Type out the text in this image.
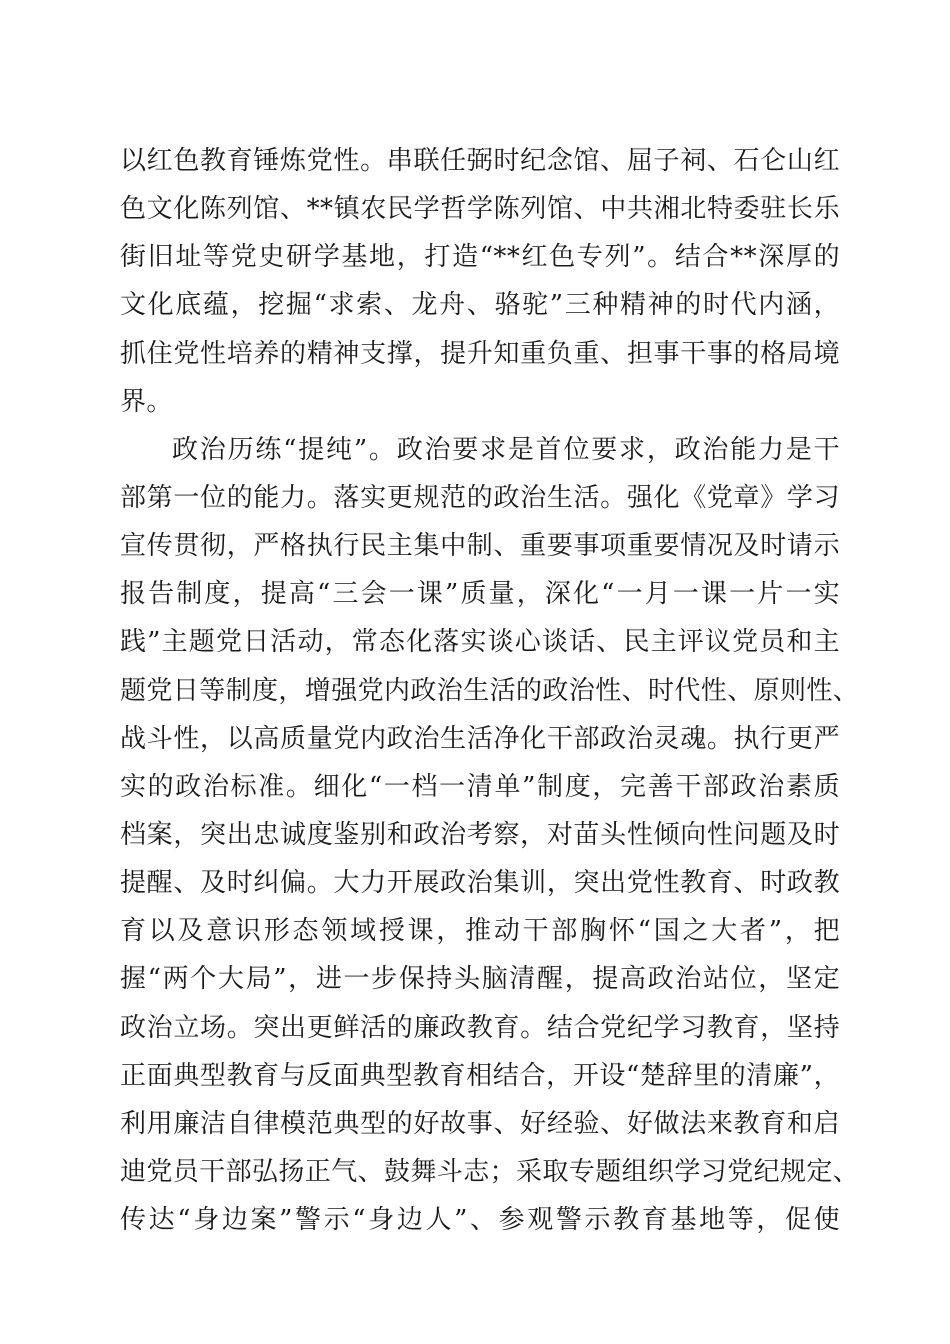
以红色教育锤炼党性。串联任弼时纪念馆、屈子祠、石仑山红
色文化陈列馆、**镇农民学哲学陈列馆、中共湘北特委驻长乐
街旧址等党史研学基地，打造“**红色专列”。结合**深厚的
文化底蕴，挖掘“求索、龙舟、骆驼”三种精神的时代内涵，
抓住党性培养的精神支撑，提升知重负重、担事干事的格局境
界。
政治历练“提纯”。政治要求是首位要求，政治能力是干
部第一位的能力。落实更规范的政治生活。强化《党章》学习
宣传贯彻，严格执行民主集中制、重要事项重要情况及时请示
报告制度，提高“三会一课”质量，深化“一月一课一片一实
践”主题党日活动，常态化落实谈心谈话、民主评议党员和主
题党日等制度，增强党内政治生活的政治性、时代性、原则性、
战斗性，以高质量党内政治生活净化干部政治灵魂。执行更严
实的政治标准。细化“一档一清单”制度，完善干部政治素质
档案，突出忠诚度鉴别和政治考察，对苗头性倾向性问题及时
提醒、及时纠偏。大力开展政治集训，突出党性教育、时政教
育以及意识形态领域授课，推动干部胸怀“国之大者”，把
握“两个大局”，进一步保持头脑清醒，提高政治站位，坚定
政治立场。突出更鲜活的廉政教育。结合党纪学习教育，坚持
正面典型教育与反面典型教育相结合，开设“楚辞里的清廉”，
利用廉洁自律模范典型的好故事、好经验、好做法来教育和启
迪党员干部弘扬正气、鼓舞斗志；采取专题组织学习党纪规定、
传达“身边案”警示“身边人”、参观警示教育基地等，促使
